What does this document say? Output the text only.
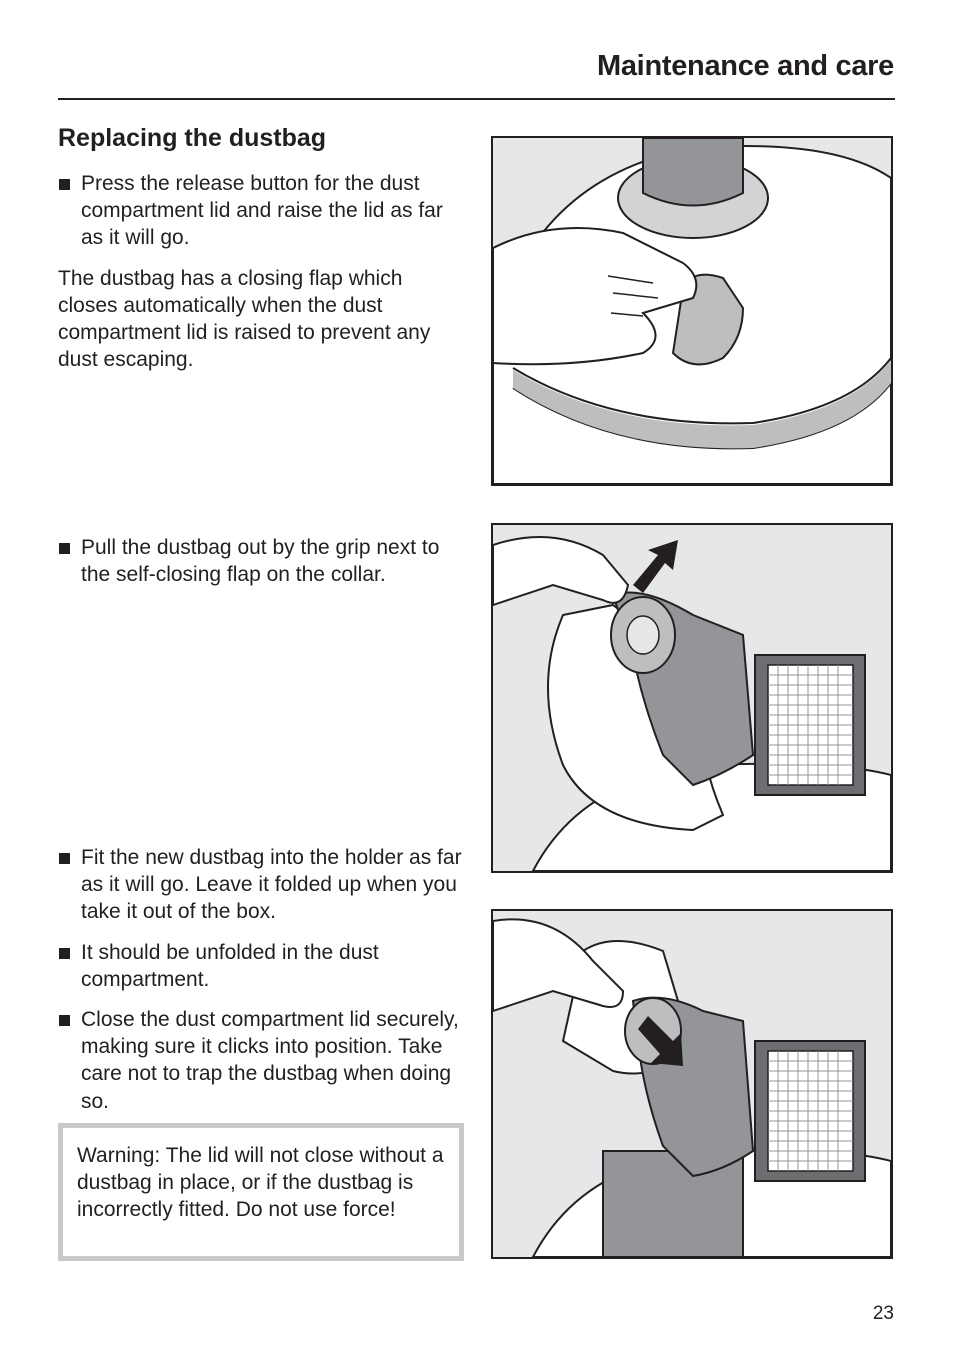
Maintenance and care
Replacing the dustbag
Press the release button for the dust compartment lid and raise the lid as far as it will go.

The dustbag has a closing flap which closes automatically when the dust compartment lid is raised to prevent any dust escaping.

Pull the dustbag out by the grip next to the self-closing flap on the collar.
Fit the new dustbag into the holder as far as it will go. Leave it folded up when you take it out of the box.
It should be unfolded in the dust compartment.
Close the dust compartment lid securely, making sure it clicks into position. Take care not to trap the dustbag when doing so.
Warning: The lid will not close without a dustbag in place, or if the dustbag is incorrectly fitted. Do not use force!
23
